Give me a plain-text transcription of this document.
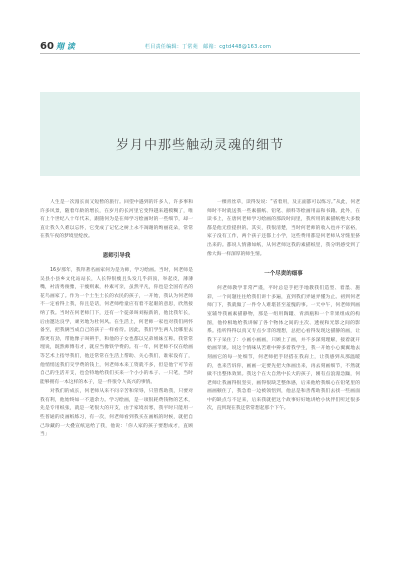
60 翔 读	栏目责任编辑：丁常苑　邮箱：cgtd448@163.com
岁月中那些触动灵魂的细节

人生是一次漫长而又短暂的旅行。回望中遇到的许多人，许多事和许多风景，随着年龄的增长，在岁月的长河里它变得越来越模糊了，唯有上个世纪八十年代末，跟随何为是在师学习绘画时的一些细节，却一直让我久久难以忘怀，它变成了记忆之树上永不凋谢的绚丽花朵，常常在我午夜的梦境里绽放。

恩师引导我

16岁那年，我拜著名画家何为是为师，学习绘画。当时，何老师是吴县小县乡文化站站长，人长得很瘦且头发几乎斜顶，举起皮，薄薄嘴，衬清秀俊雅，干瘦则素，朴素可亲，虽然平凡，你也是全国有名的花鸟画家了。作为一个土生土长的农民的孩子，一开始，我认为何老师不一定看得上我，你且是话，何老师给童应有着不起眼的意思，欣然接纳了我。当时在何老师门下，还有一个徒弟叫刘振新的，他比我年长，后由邀达良学，顽劣地为杜何风。在生活上，何老师一家也对我们两怀备至，把我俩当成自己的孩子一样看待。因此，我们学生两人比哪里去都更有劲，带他像子叫辨手，和他的子女也都以兄弟姐妹互称。我常常埋说，既然师傅有才，就应当像铁学费的。有一年，何老师不仅在绘画等艺术上指导我们，他还常常在生活上帮助、关心我们，谁家没有了，他悄悄送我们交学费的钱上，何老师本来工资就不多，但是他宁可节省自己的生活开支，也会特地给我们买来一个小小的本子、一只笔，当时能够拥有一本这样的本子，是一件很令人高兴的事情。

对我们的成长，何老师从来不问辛苦和荣辱，只管帮助我，只要对我有利，他始终如一不遗余力。学习绘画，是一项很耗费钱物的艺术，先是专用纸张，就是一笔很大的开支，由于家境贫寒，我平时只能用一些普通的皮画纸练习，有一次，何老师看到我买在画纸的时候，就把自己珍藏的一大叠宣纸送给了我，他说：「你人家的孩子要想成才，直顾当」

一棵青丝草，读得发说：“省着用，及正面都可以练习。”从此，何老师时不时就送我一些素描纸、铅笔、颜料等绘画用品和书籍。此外，在读书上，在唐何老师学习绘画的那段时间里，我所用的素描纸绝大多数都是他无偿提供的。其实，我很清楚，当时何老师的收入也并不富裕，家子没有工作，两个孩子还都上小学，这些费用都是何老师从牙缝里挤出来的。都说人情薄如纸，从何老师这我的素描纸里，我分明感受到了像大海一样深厚的师生情。

一个尽责的细事

何老师教学非常严谨，平时总是手把手地教我们造型、着墨、施彩，一个问题往往给我们讲十多遍，直到我们弄通弄懂为止。初到何老师门下，我就做了一件令人难堪甚至羞愧的事。一天中午，何老师到画室辅导我画素描静物，那是一组用陶罐、青酒瓶和一个苹果组成的构图，他拎相地给我讲解了各个物体之间的主次、透视和光影之间的影系。指听得得以真又专点少非的理想，总把心看得发现这描静的画，让我下子呆住了：小画小画画，只顾上了画，并不多深刻理解，接着就开始画苹果。说这个情味从苦难中辨多着我学生，我一开始小心翼翼地去刻画它的每一处细节，何老师把手轻搭在我肩上，让我感到从那温暖的，也来告诉你，画画一定要先把大体画出来，再去刻画细节，不然就做不出整体效果。我这个在大自然中长大的孩子，刚有点浪漫急躁，何老师让我画得很坚实，画得很缺乏整体感，后来他给我细心在铅笔里的画画顿住了，我急着一边被领悟到，他总是和善帮助我们去找一些画面中的缺点与不足来，后来我就把这个故事好好地讲给小伙伴们听过很多次，直到现在我还常常想起那个下午。
